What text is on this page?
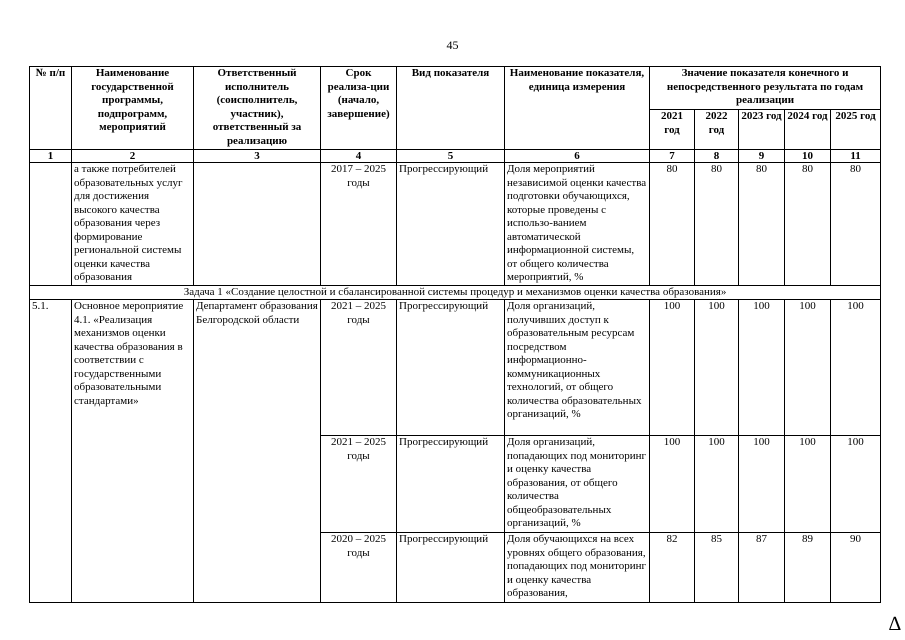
45
№ п/п	Наименование государственной программы, подпрограмм, мероприятий	Ответственный исполнитель (соисполнитель, участник), ответственный за реализацию	Срок реализа-ции (начало, завершение)	Вид показателя	Наименование показателя, единица измерения	Значение показателя конечного и непосредственного результата по годам реализации				
						2021 год	2022 год	2023 год	2024 год	2025 год
1	2	3	4	5	6	7	8	9	10	11
	а также потребителей образовательных услуг для достижения высокого качества образования через формирование региональной системы оценки качества образования		2017 – 2025 годы	Прогрессирующий	Доля мероприятий независимой оценки качества подготовки обучающихся, которые проведены с использо-ванием автоматической информационной системы, от общего количества мероприятий, %	80	80	80	80	80
Задача 1 «Создание целостной и сбалансированной системы процедур и механизмов оценки качества образования»										
5.1.	Основное мероприятие 4.1. «Реализация механизмов оценки качества образования в соответствии с государственными образовательными стандартами»	Департамент образования Белгородской области	2021 – 2025 годы	Прогрессирующий	Доля организаций, получивших доступ к образовательным ресурсам посредством информационно-коммуникационных технологий, от общего количества образовательных организаций, %	100	100	100	100	100
			2021 – 2025 годы	Прогрессирующий	Доля организаций, попадающих под мониторинг и оценку качества образования, от общего количества общеобразовательных организаций, %	100	100	100	100	100
			2020 – 2025 годы	Прогрессирующий	Доля обучающихся на всех уровнях общего образования, попадающих под мониторинг и оценку качества образования,	82	85	87	89	90
∆
